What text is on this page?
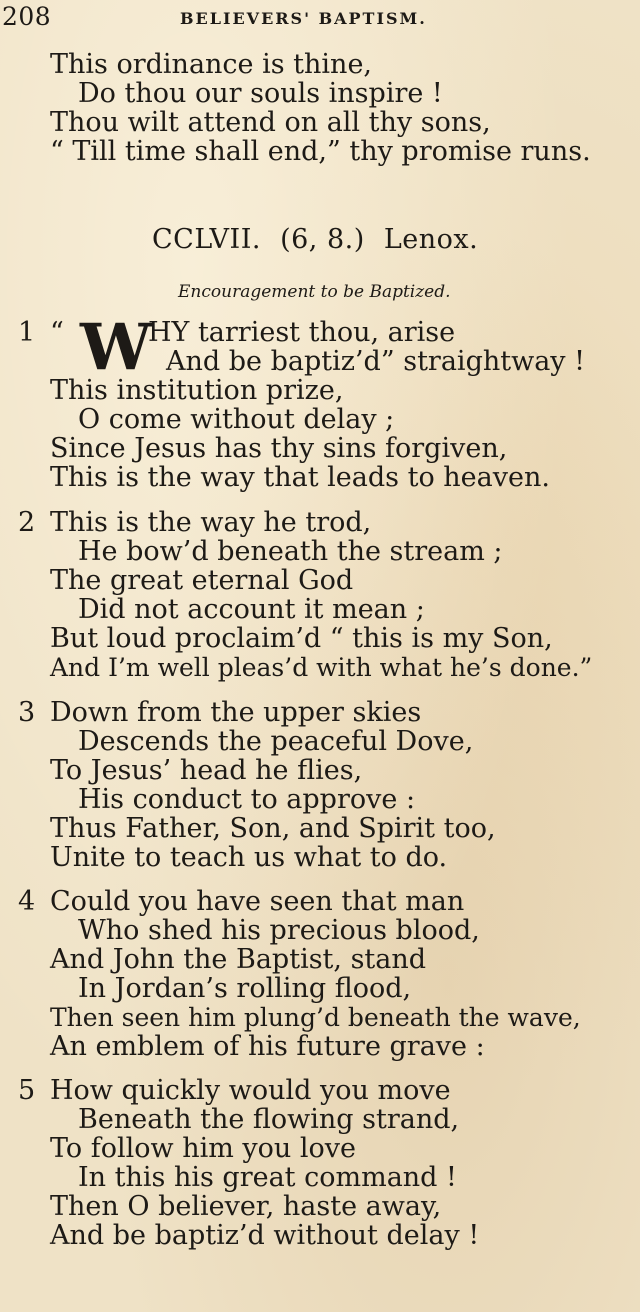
208	BELIEVERS' BAPTISM.
This ordinance is thine,
Do thou our souls inspire !
Thou wilt attend on all thy sons,
“ Till time shall end,” thy promise runs.
CCLVII. (6, 8.) Lenox.
Encouragement to be Baptized.
1 “ W
HY tarriest thou, arise
And be baptiz’d” straightway !
This institution prize,
O come without delay ;
Since Jesus has thy sins forgiven,
This is the way that leads to heaven.
2 This is the way he trod,
He bow’d beneath the stream ;
The great eternal God
Did not account it mean ;
But loud proclaim’d “ this is my Son,
And I’m well pleas’d with what he’s done.”
3 Down from the upper skies
Descends the peaceful Dove,
To Jesus’ head he flies,
His conduct to approve :
Thus Father, Son, and Spirit too,
Unite to teach us what to do.
4 Could you have seen that man
Who shed his precious blood,
And John the Baptist, stand
In Jordan’s rolling flood,
Then seen him plung’d beneath the wave,
An emblem of his future grave :
5 How quickly would you move
Beneath the flowing strand,
To follow him you love
In this his great command !
Then O believer, haste away,
And be baptiz’d without delay !
